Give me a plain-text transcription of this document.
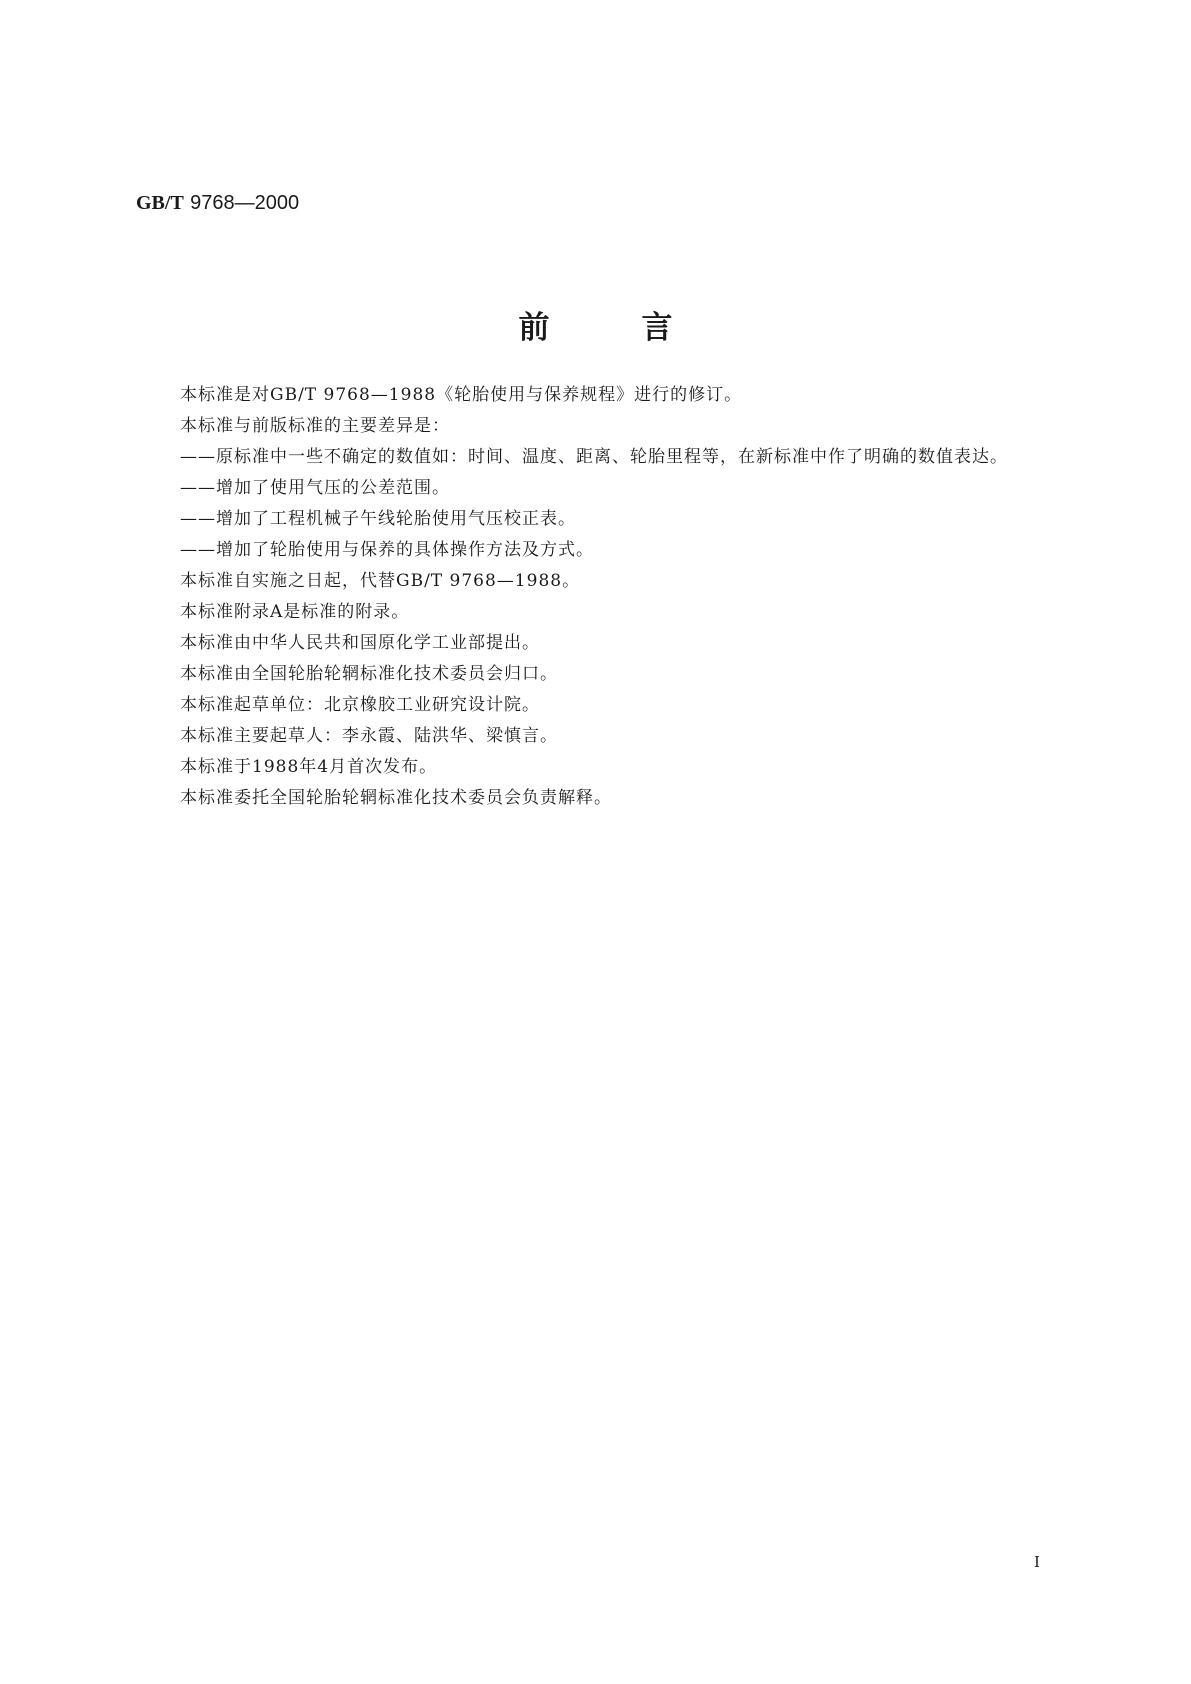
GB/T 9768—2000
前言

本标准是对GB/T 9768—1988《轮胎使用与保养规程》进行的修订。

本标准与前版标准的主要差异是：

——原标准中一些不确定的数值如：时间、温度、距离、轮胎里程等，在新标准中作了明确的数值表达。

——增加了使用气压的公差范围。

——增加了工程机械子午线轮胎使用气压校正表。

——增加了轮胎使用与保养的具体操作方法及方式。

本标准自实施之日起，代替GB/T 9768—1988。

本标准附录A是标准的附录。

本标准由中华人民共和国原化学工业部提出。

本标准由全国轮胎轮辋标准化技术委员会归口。

本标准起草单位：北京橡胶工业研究设计院。

本标准主要起草人：李永霞、陆洪华、梁慎言。

本标准于1988年4月首次发布。

本标准委托全国轮胎轮辋标准化技术委员会负责解释。

I
